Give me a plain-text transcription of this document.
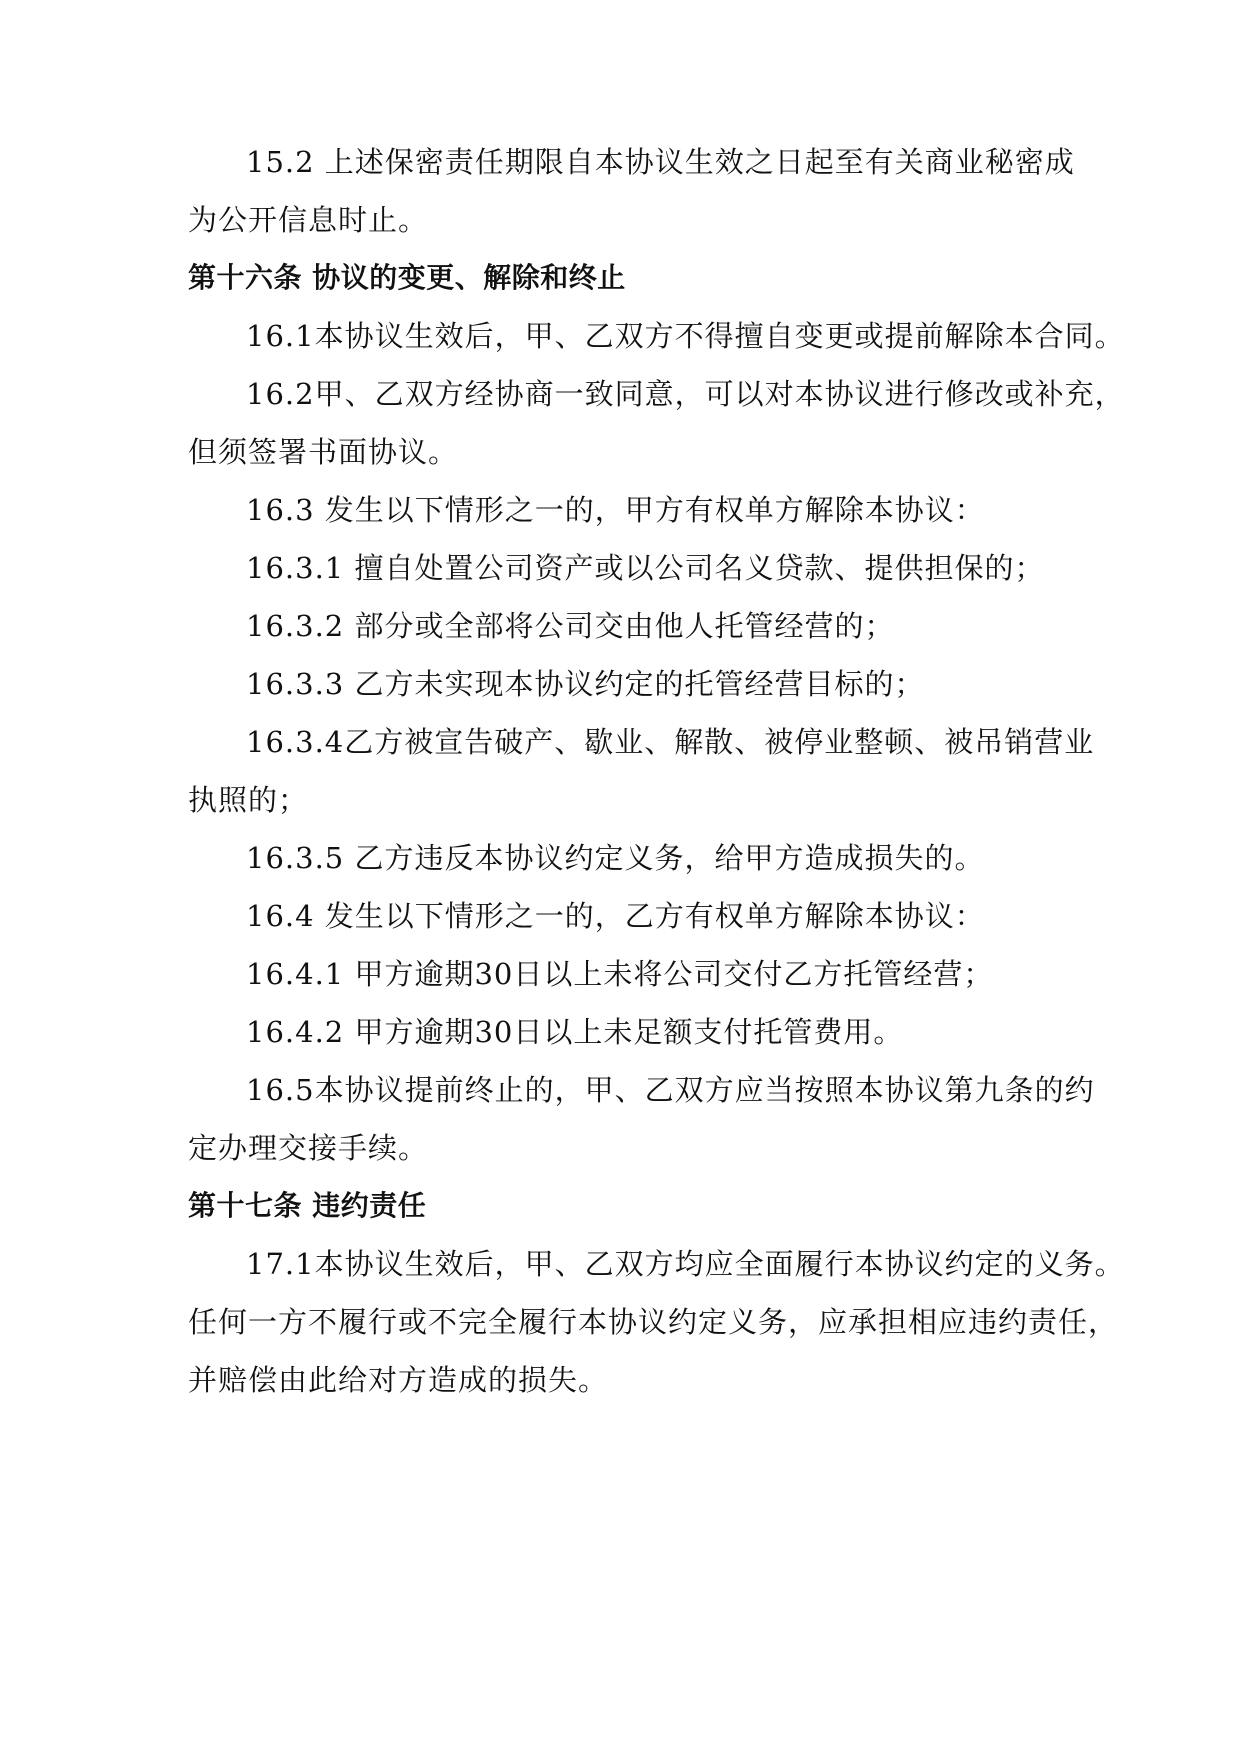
15.2 上述保密责任期限自本协议生效之日起至有关商业秘密成
为公开信息时止。
第十六条 协议的变更、解除和终止
16.1本协议生效后，甲、乙双方不得擅自变更或提前解除本合同。
16.2甲、乙双方经协商一致同意，可以对本协议进行修改或补充，
但须签署书面协议。
16.3 发生以下情形之一的，甲方有权单方解除本协议：
16.3.1 擅自处置公司资产或以公司名义贷款、提供担保的；
16.3.2 部分或全部将公司交由他人托管经营的；
16.3.3 乙方未实现本协议约定的托管经营目标的；
16.3.4乙方被宣告破产、歇业、解散、被停业整顿、被吊销营业
执照的；
16.3.5 乙方违反本协议约定义务，给甲方造成损失的。
16.4 发生以下情形之一的，乙方有权单方解除本协议：
16.4.1 甲方逾期30日以上未将公司交付乙方托管经营；
16.4.2 甲方逾期30日以上未足额支付托管费用。
16.5本协议提前终止的，甲、乙双方应当按照本协议第九条的约
定办理交接手续。
第十七条 违约责任
17.1本协议生效后，甲、乙双方均应全面履行本协议约定的义务。
任何一方不履行或不完全履行本协议约定义务，应承担相应违约责任，
并赔偿由此给对方造成的损失。
